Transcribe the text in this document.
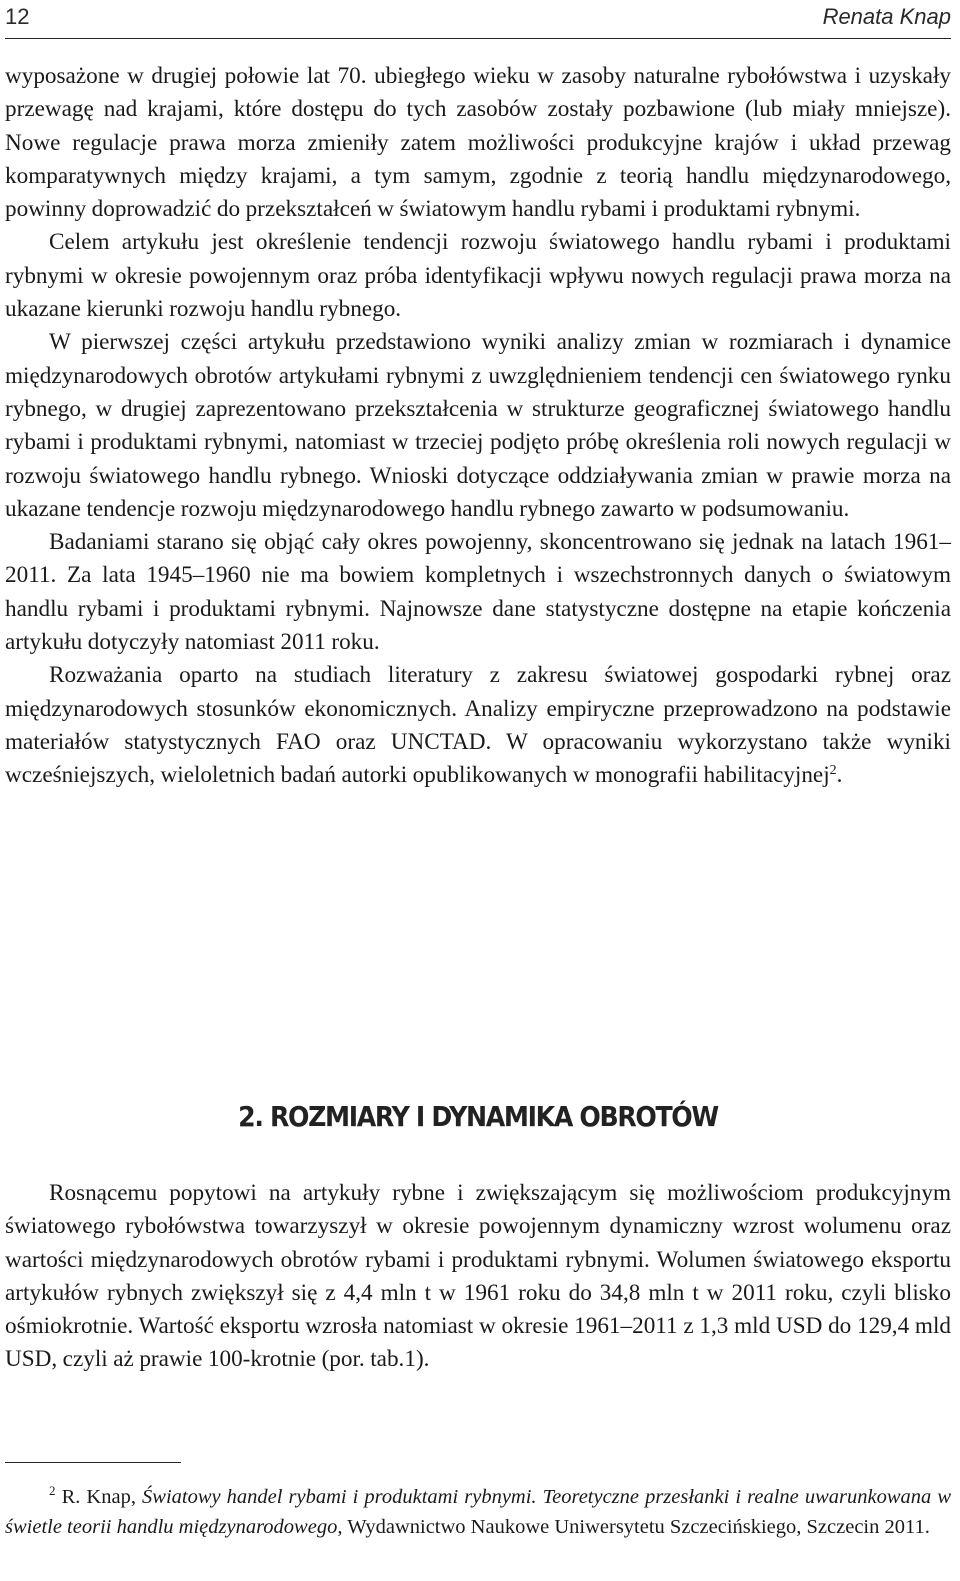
12	Renata Knap

wyposażone w drugiej połowie lat 70. ubiegłego wieku w zasoby naturalne rybołówstwa i uzyskały przewagę nad krajami, które dostępu do tych zasobów zostały pozbawione (lub miały mniejsze). Nowe regulacje prawa morza zmieniły zatem możliwości produkcyjne krajów i układ przewag komparatywnych między krajami, a tym samym, zgodnie z teorią handlu międzynarodowego, powinny doprowadzić do przekształceń w światowym handlu rybami i produktami rybnymi.

Celem artykułu jest określenie tendencji rozwoju światowego handlu rybami i produktami rybnymi w okresie powojennym oraz próba identyfikacji wpływu nowych regulacji prawa morza na ukazane kierunki rozwoju handlu rybnego.

W pierwszej części artykułu przedstawiono wyniki analizy zmian w rozmiarach i dynamice międzynarodowych obrotów artykułami rybnymi z uwzględnieniem tendencji cen światowego rynku rybnego, w drugiej zaprezentowano przekształcenia w strukturze geograficznej światowego handlu rybami i produktami rybnymi, natomiast w trzeciej podjęto próbę określenia roli nowych regulacji w rozwoju światowego handlu rybnego. Wnioski dotyczące oddziaływania zmian w prawie morza na ukazane tendencje rozwoju międzynarodowego handlu rybnego zawarto w podsumowaniu.

Badaniami starano się objąć cały okres powojenny, skoncentrowano się jednak na latach 1961–2011. Za lata 1945–1960 nie ma bowiem kompletnych i wszechstronnych danych o światowym handlu rybami i produktami rybnymi. Najnowsze dane statystyczne dostępne na etapie kończenia artykułu dotyczyły natomiast 2011 roku.

Rozważania oparto na studiach literatury z zakresu światowej gospodarki rybnej oraz międzynarodowych stosunków ekonomicznych. Analizy empiryczne przeprowadzono na podstawie materiałów statystycznych FAO oraz UNCTAD. W opracowaniu wykorzystano także wyniki wcześniejszych, wieloletnich badań autorki opublikowanych w monografii habilitacyjnej$^2$.

2. ROZMIARY I DYNAMIKA OBROTÓW

Rosnącemu popytowi na artykuły rybne i zwiększającym się możliwościom produkcyjnym światowego rybołówstwa towarzyszył w okresie powojennym dynamiczny wzrost wolumenu oraz wartości międzynarodowych obrotów rybami i produktami rybnymi. Wolumen światowego eksportu artykułów rybnych zwiększył się z 4,4 mln t w 1961 roku do 34,8 mln t w 2011 roku, czyli blisko ośmiokrotnie. Wartość eksportu wzrosła natomiast w okresie 1961–2011 z 1,3 mld USD do 129,4 mld USD, czyli aż prawie 100-krotnie (por. tab.1).

$^2$ R. Knap, Światowy handel rybami i produktami rybnymi. Teoretyczne przesłanki i realne uwarunkowana w świetle teorii handlu międzynarodowego, Wydawnictwo Naukowe Uniwersytetu Szczecińskiego, Szczecin 2011.
